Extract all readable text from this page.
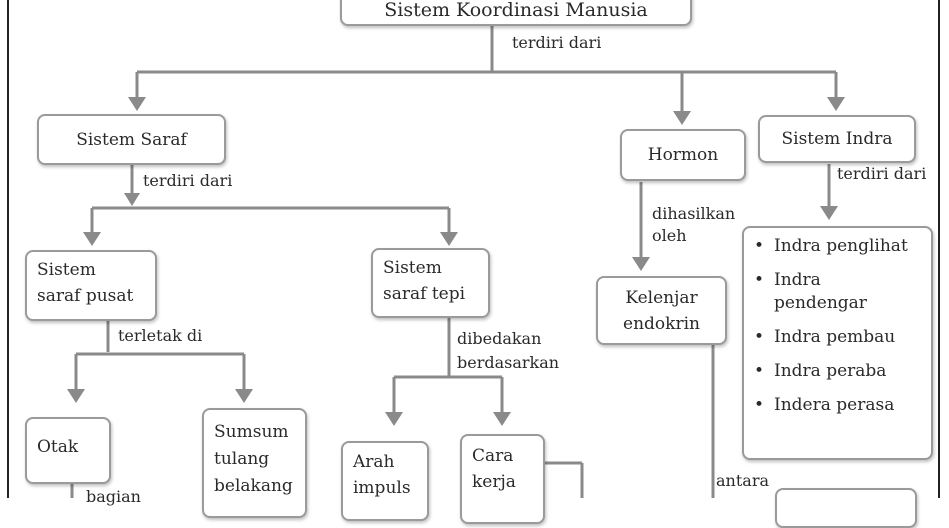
Sistem Koordinasi Manusia
terdiri dari
terdiri dari	terdiri dari
dihasilkan
oleh
terletak di	dibedakan
berdasarkan
antara
bagian
Sistem Saraf
Hormon
Sistem Indra
Sistem
saraf pusat
Sistem
saraf tepi	Kelenjar
endokrin
• Indra penglihat
• Indra pendengar
• Indra pembau
• Indra peraba
• Indera perasa
Otak
Sumsum
tulang
belakang
Arah
impuls
Cara
kerja
